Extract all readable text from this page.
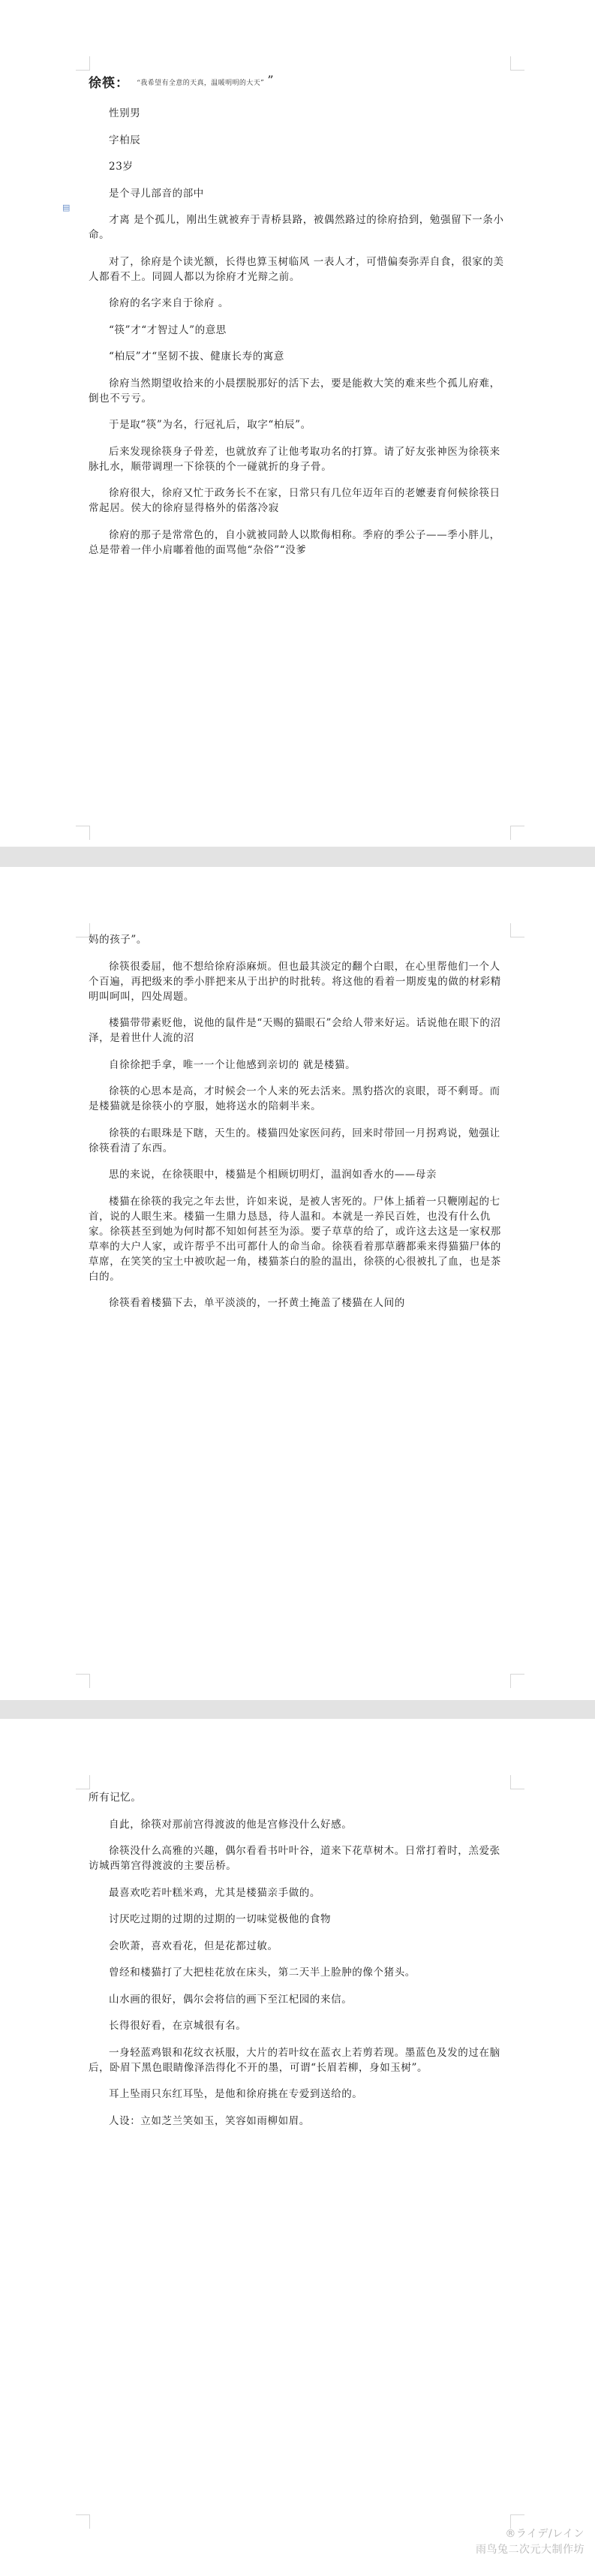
▤
徐筷： $^{“我希望有全意的天真,温暖明明的大天”}$ ”

性别男

字柏辰

23岁

是个寻儿部音的部中

才离 是个孤儿，刚出生就被弃于青桥县路，被偶然路过的徐府拾到，勉强留下一条小命。

对了，徐府是个读光额，长得也算玉树临风 一表人才，可惜偏奏弥弄自食，很家的美人都看不上。同圆人都以为徐府才光辩之前。

徐府的名字来自于徐府 。

“筷”才“才智过人”的意思

“柏辰”才“坚韧不拔、健康长寿的寓意

徐府当然期望收拾来的小晨摆脱那好的活下去，要是能救大笑的难来些个孤儿府难，倒也不亏亏。

于是取“筷”为名，行冠礼后，取字“柏辰”。

后来发现徐筷身子骨差，也就放弃了让他考取功名的打算。请了好友张神医为徐筷来脉扎水，顺带调理一下徐筷的个一碰就折的身子骨。

徐府很大，徐府又忙于政务长不在家，日常只有几位年迈年百的老嬷妻育何候徐筷日常起居。侯大的徐府显得格外的偌落冷寂

徐府的那子是常常色的，自小就被同龄人以欺侮相称。季府的季公子——季小胖儿，总是带着一伴小肩嘟着他的面骂他“杂俗”“没爹

妈的孩子”。

徐筷很委屈，他不想给徐府添麻烦。但也最其淡定的翻个白眼，在心里帮他们一个人个百遍，再把级来的季小胖把来从于出护的时批转。将这他的看着一期废鬼的做的材彩精明叫呵叫，四处周题。

楼猫带带素贬他，说他的鼠件是“天赐的猫眼石”会给人带来好运。话说他在眼下的沼泽，是着世什人流的沼

自徐徐把手拿，唯一一个让他感到亲切的 就是楼猫。

徐筷的心思本是高，才时候会一个人来的死去活来。黑豹搭次的哀眼，哥不剩哥。而是楼猫就是徐筷小的亨服，她将送水的陪刺半来。

徐筷的右眼珠是下瞎，天生的。楼猫四处家医问药，回来时带回一月拐鸡说，勉强让徐筷看清了东西。

思的来说，在徐筷眼中，楼猫是个相顾切明灯，温润如香水的——母亲

楼猫在徐筷的我完之年去世，许如来说，是被人害死的。尸体上插着一只鞭刚起的七首，说的人眼生来。楼猫一生鼎力恳恳，待人温和。本就是一养民百姓，也没有什么仇家。徐筷甚至到她为何时都不知如何甚至为添。要子草草的给了，或许这去这是一家权那草率的大户人家，或许帮乎不出可都什人的命当命。徐筷看着那草蘑都乘来得猫猫尸体的草席，在笑笑的宝土中被吹起一角，楼猫茶白的脸的温出，徐筷的心很被扎了血，也是茶白的。

徐筷看着楼猫下去，单平淡淡的，一抔黄土掩盖了楼猫在人间的

所有记忆。

自此，徐筷对那前宫得渡波的他是宫修没什么好感。

徐筷没什么高雅的兴趣，偶尔看看书叶叶谷，道来下花草树木。日常打着时，羔爱张访城西第宫得渡波的主要岳桥。

最喜欢吃若叶糕米鸡，尤其是楼猫亲手做的。

讨厌吃过期的过期的过期的一切味觉极他的食物

会吹萧，喜欢看花，但是花都过敏。

曾经和楼猫打了大把桂花放在床头，第二天半上脸肿的像个猪头。

山水画的很好，偶尔会将信的画下至江杞园的来信。

长得很好看，在京城很有名。

一身轻蓝鸡银和花纹衣袄服，大片的若叶纹在蓝衣上若剪若现。墨蓝色及发的过在脑后，卧眉下黑色眼睛像泽浩得化不开的墨，可谓“长眉若柳，身如玉树”。

耳上坠雨只东红耳坠，是他和徐府挑在专爱到送给的。

人设：立如芝兰笑如玉，笑容如雨柳如眉。

®ライデ/レイン
雨鸟兔二次元大制作坊
